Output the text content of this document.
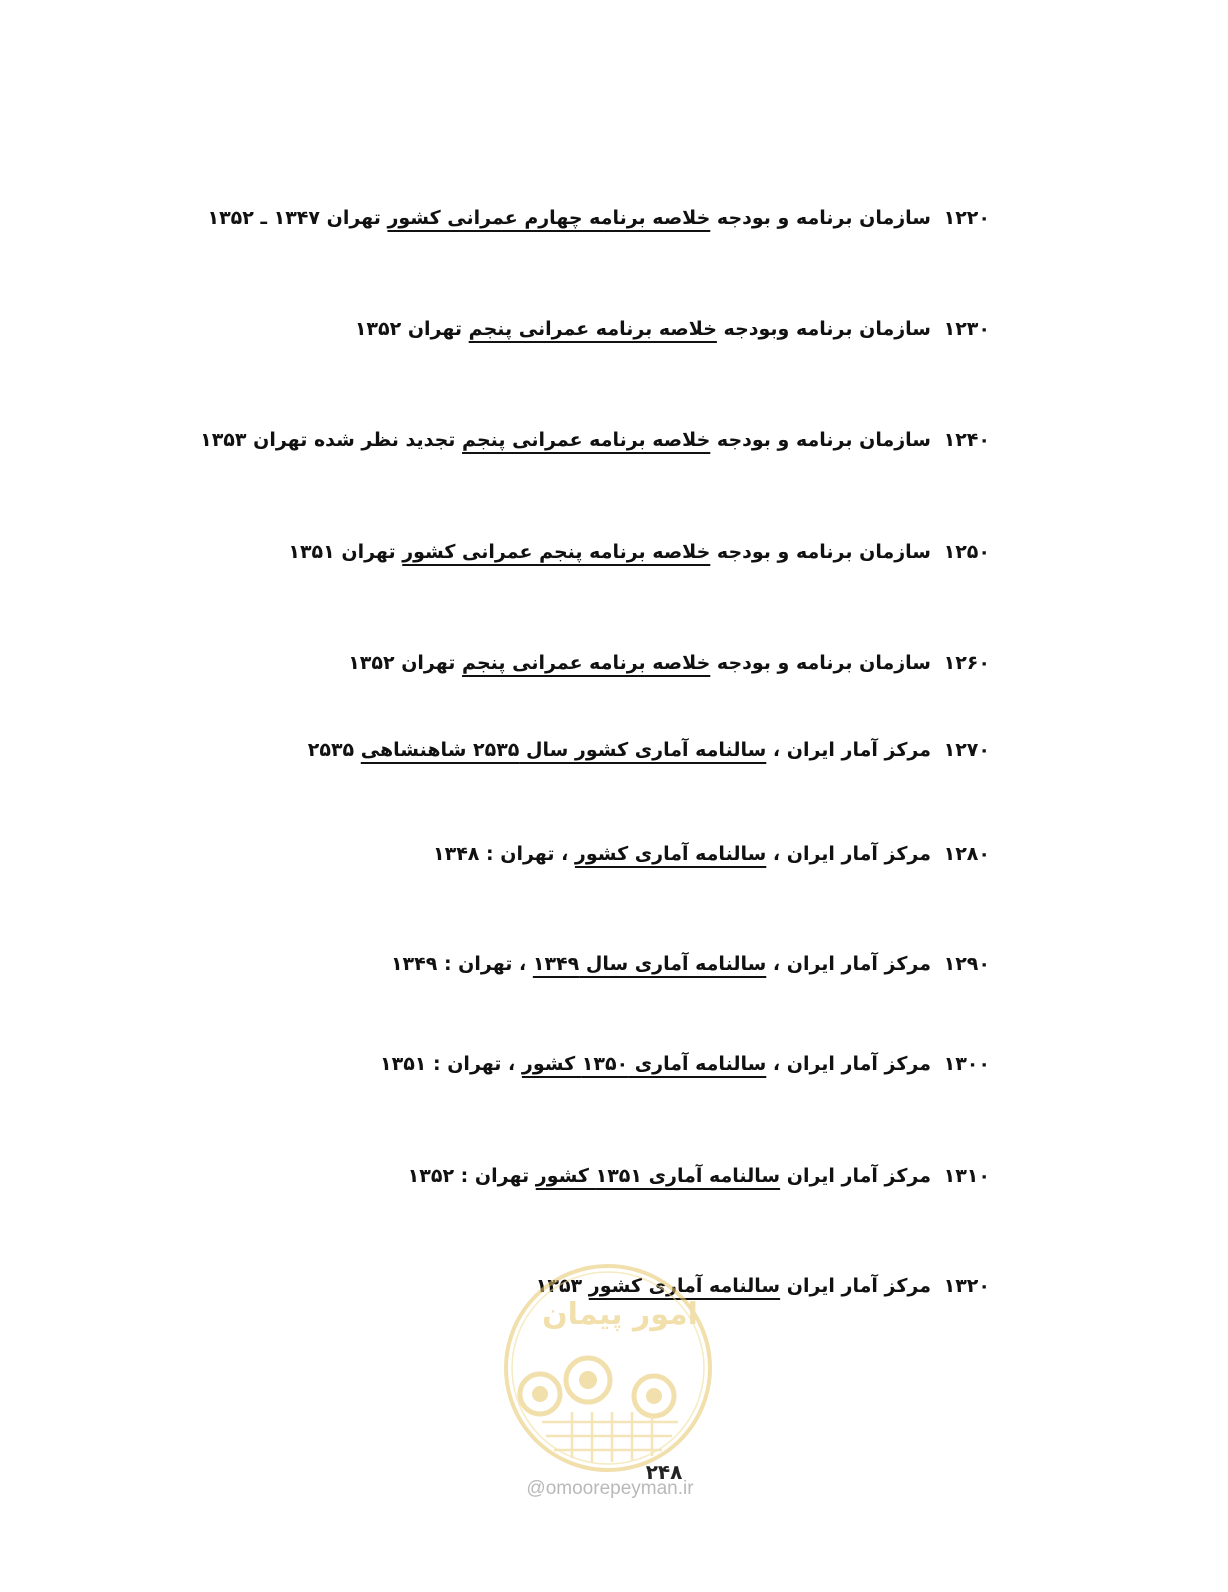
۱۲۲۰ سازمان برنامه و بودجه خلاصه برنامه چهارم عمرانی کشور تهران ۱۳۴۷ ـ ۱۳۵۲
۱۲۳۰ سازمان برنامه وبودجه خلاصه برنامه عمرانی پنجم تهران ۱۳۵۲
۱۲۴۰ سازمان برنامه و بودجه خلاصه برنامه عمرانی پنجم تجدید نظر شده تهران ۱۳۵۳
۱۲۵۰ سازمان برنامه و بودجه خلاصه برنامه پنجم عمرانی کشور تهران ۱۳۵۱
۱۲۶۰ سازمان برنامه و بودجه خلاصه برنامه عمرانی پنجم تهران ۱۳۵۲
۱۲۷۰ مرکز آمار ایران ، سالنامه آماری کشور سال ۲۵۳۵ شاهنشاهی ۲۵۳۵
۱۲۸۰ مرکز آمار ایران ، سالنامه آماری کشور ، تهران : ۱۳۴۸
۱۲۹۰ مرکز آمار ایران ، سالنامه آماری سال ۱۳۴۹ ، تهران : ۱۳۴۹
۱۳۰۰ مرکز آمار ایران ، سالنامه آماری ۱۳۵۰ کشور ، تهران : ۱۳۵۱
۱۳۱۰ مرکز آمار ایران سالنامه آماری ۱۳۵۱ کشور تهران : ۱۳۵۲
۱۳۲۰ مرکز آمار ایران سالنامه آماری کشور ۱۳۵۳
امور پیمان
۲۴۸
@omoorepeyman.ir
